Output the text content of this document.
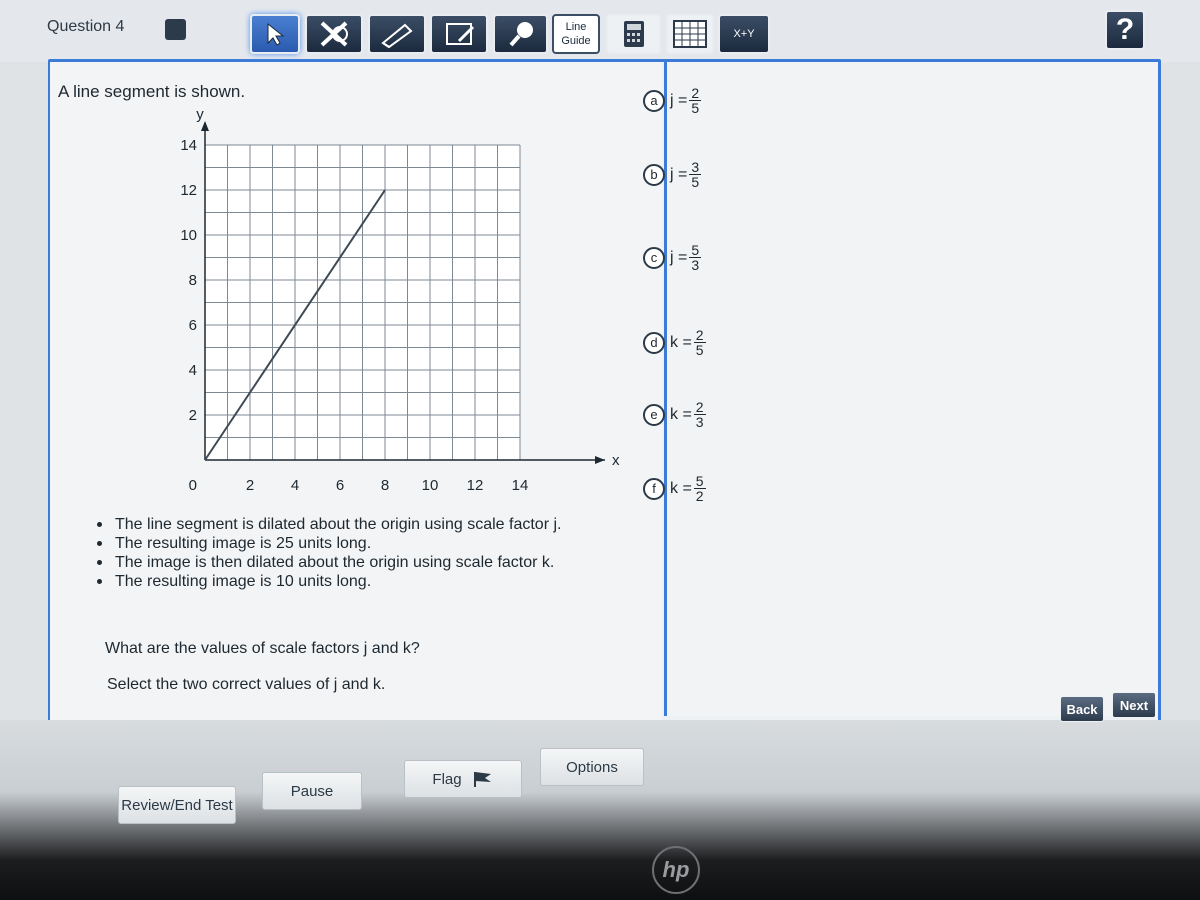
Question 4	Line
Guide
X+Y	?
A line segment is shown.
2 4 6 8 10 12 14
2
4
6
8
10
12
14
0
x
y
The line segment is dilated about the origin using scale factor j.
The resulting image is 25 units long.
The image is then dilated about the origin using scale factor k.
The resulting image is 10 units long.
What are the values of scale factors j and k?
Select the two correct values of j and k.
a $j = \frac{2}{5}$
b $j = \frac{3}{5}$
c $j = \frac{5}{3}$
d $k = \frac{2}{5}$
e $k = \frac{2}{3}$
f $k = \frac{5}{2}$
Review/End Test
Pause
Flag
Options
Back	Next
hp
